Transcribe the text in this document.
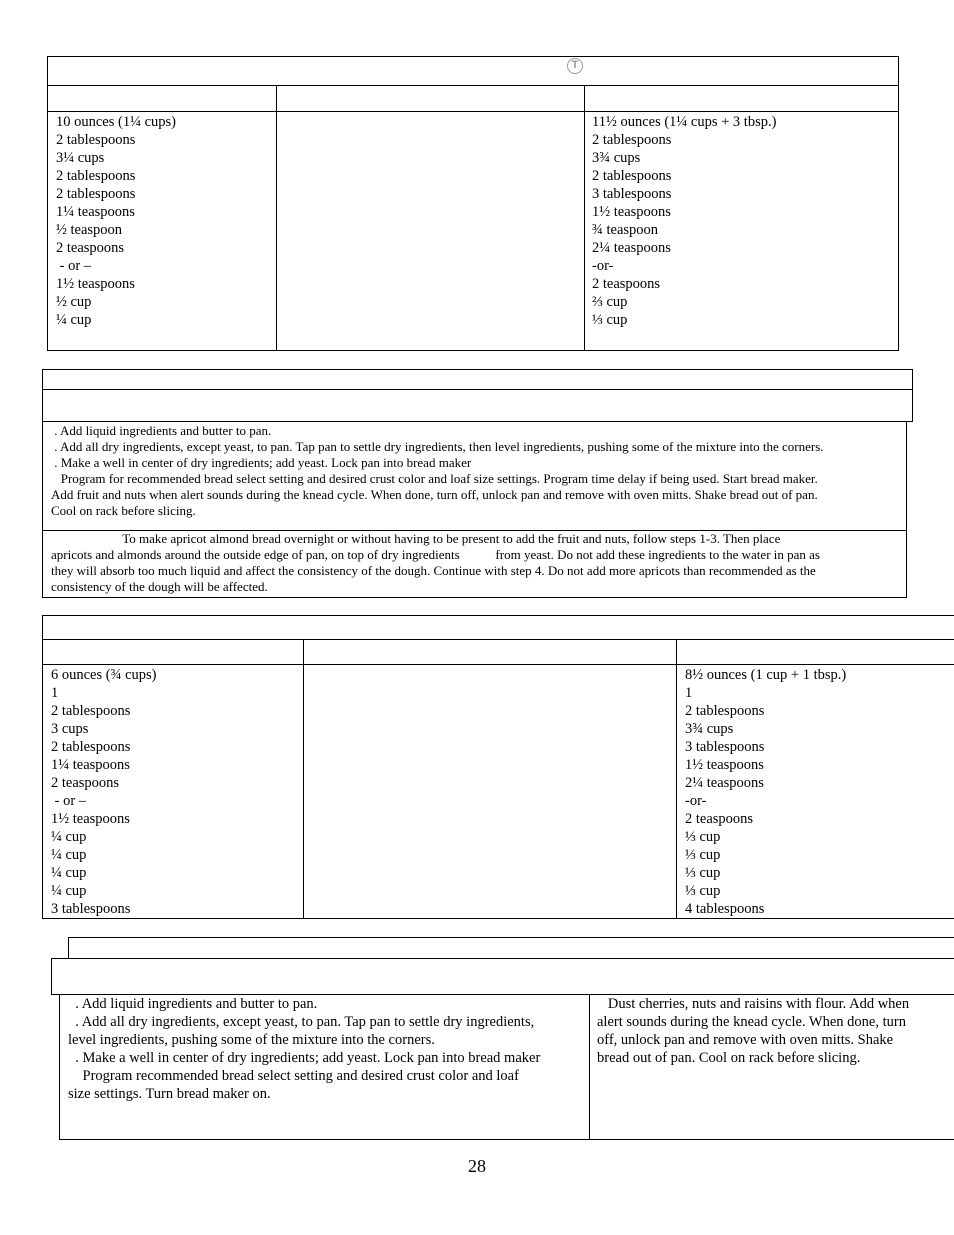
T
10 ounces (1¼ cups)
2 tablespoons
3¼ cups
2 tablespoons
2 tablespoons
1¼ teaspoons
½ teaspoon
2 teaspoons
- or –
1½ teaspoons
½ cup
¼ cup
11½ ounces (1¼ cups + 3 tbsp.)
2 tablespoons
3¾ cups
2 tablespoons
3 tablespoons
1½ teaspoons
¾ teaspoon
2¼ teaspoons
-or-
2 teaspoons
⅔ cup
⅓ cup
. Add liquid ingredients and butter to pan.
. Add all dry ingredients, except yeast, to pan. Tap pan to settle dry ingredients, then level ingredients, pushing some of the mixture into the corners.
. Make a well in center of dry ingredients; add yeast. Lock pan into bread maker
Program for recommended bread select setting and desired crust color and loaf size settings. Program time delay if being used. Start bread maker.
Add fruit and nuts when alert sounds during the knead cycle. When done, turn off, unlock pan and remove with oven mitts. Shake bread out of pan.
Cool on rack before slicing.
To make apricot almond bread overnight or without having to be present to add the fruit and nuts, follow steps 1-3. Then place
apricots and almonds around the outside edge of pan, on top of dry ingredients           from yeast. Do not add these ingredients to the water in pan as
they will absorb too much liquid and affect the consistency of the dough. Continue with step 4. Do not add more apricots than recommended as the
consistency of the dough will be affected.
6 ounces (¾ cups)
1
2 tablespoons
3 cups
2 tablespoons
1¼ teaspoons
2 teaspoons
- or –
1½ teaspoons
¼ cup
¼ cup
¼ cup
¼ cup
3 tablespoons
8½ ounces (1 cup + 1 tbsp.)
1
2 tablespoons
3¾ cups
3 tablespoons
1½ teaspoons
2¼ teaspoons
-or-
2 teaspoons
⅓ cup
⅓ cup
⅓ cup
⅓ cup
4 tablespoons
. Add liquid ingredients and butter to pan.
. Add all dry ingredients, except yeast, to pan. Tap pan to settle dry ingredients,
level ingredients, pushing some of the mixture into the corners.
. Make a well in center of dry ingredients; add yeast. Lock pan into bread maker
Program recommended bread select setting and desired crust color and loaf
size settings. Turn bread maker on.
Dust cherries, nuts and raisins with flour. Add when
alert sounds during the knead cycle. When done, turn
off, unlock pan and remove with oven mitts. Shake
bread out of pan. Cool on rack before slicing.
28
